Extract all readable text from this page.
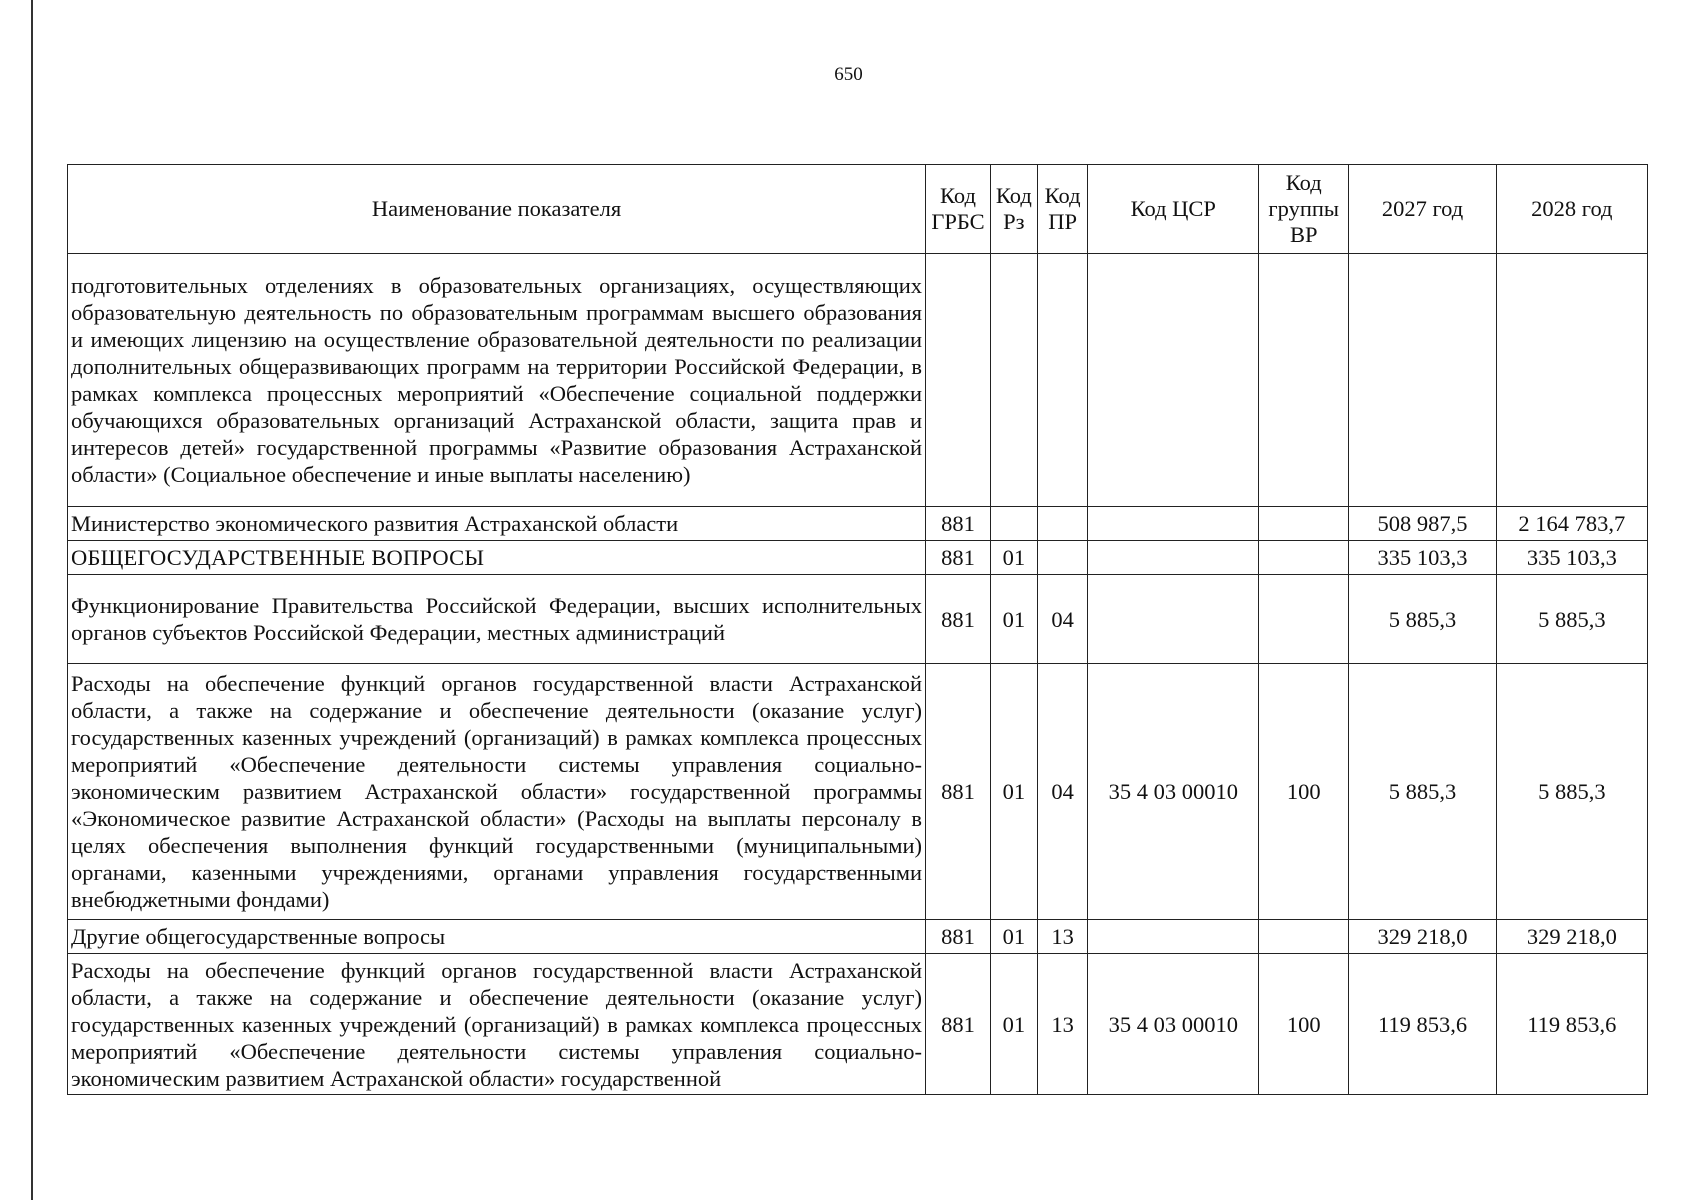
650
Наименование показателя	Код ГРБС	Код Рз	Код ПР	Код ЦСР	Код группы ВР	2027 год	2028 год
подготовительных отделениях в образовательных организациях, осуществляющих образовательную деятельность по образовательным программам высшего образования и имеющих лицензию на осуществление образовательной деятельности по реализации дополнительных общеразвивающих программ на территории Российской Федерации, в рамках комплекса процессных мероприятий «Обеспечение социальной поддержки обучающихся образовательных организаций Астраханской области, защита прав и интересов детей» государственной программы «Развитие образования Астраханской области» (Социальное обеспечение и иные выплаты населению)							
Министерство экономического развития Астраханской области	881					508 987,5	2 164 783,7
ОБЩЕГОСУДАРСТВЕННЫЕ ВОПРОСЫ	881	01				335 103,3	335 103,3
Функционирование Правительства Российской Федерации, высших исполнительных органов субъектов Российской Федерации, местных администраций	881	01	04			5 885,3	5 885,3
Расходы на обеспечение функций органов государственной власти Астраханской области, а также на содержание и обеспечение деятельности (оказание услуг) государственных казенных учреждений (организаций) в рамках комплекса процессных мероприятий «Обеспечение деятельности системы управления социально-экономическим развитием Астраханской области» государственной программы «Экономическое развитие Астраханской области» (Расходы на выплаты персоналу в целях обеспечения выполнения функций государственными (муниципальными) органами, казенными учреждениями, органами управления государственными внебюджетными фондами)	881	01	04	35 4 03 00010	100	5 885,3	5 885,3
Другие общегосударственные вопросы	881	01	13			329 218,0	329 218,0
Расходы на обеспечение функций органов государственной власти Астраханской области, а также на содержание и обеспечение деятельности (оказание услуг) государственных казенных учреждений (организаций) в рамках комплекса процессных мероприятий «Обеспечение деятельности системы управления социально-экономическим развитием Астраханской области» государственной	881	01	13	35 4 03 00010	100	119 853,6	119 853,6
